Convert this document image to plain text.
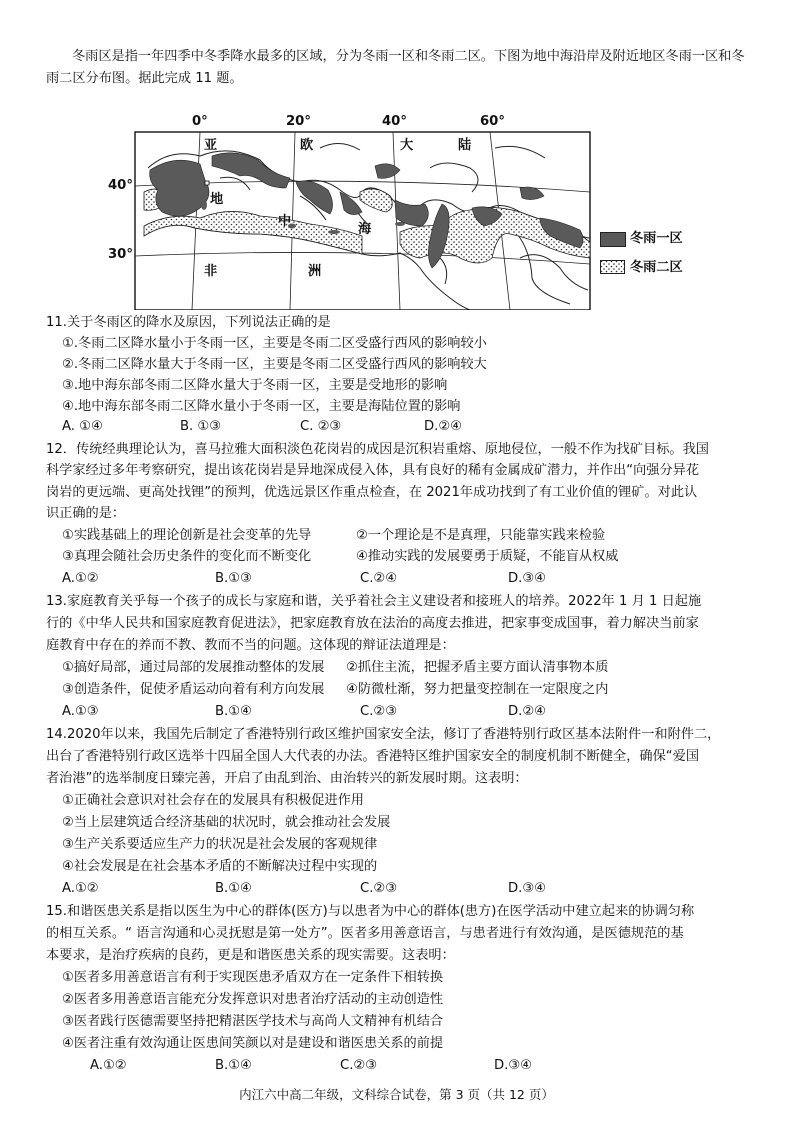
冬雨区是指一年四季中冬季降水最多的区域，分为冬雨一区和冬雨二区。下图为地中海沿岸及附近地区冬雨一区和冬雨二区分布图。据此完成 11 题。
0°	20°	40°	60°
40°
30°
亚	欧	大	陆
地
中
海
非	洲
冬雨一区
冬雨二区
11.关于冬雨区的降水及原因，下列说法正确的是
①.冬雨二区降水量小于冬雨一区，主要是冬雨二区受盛行西风的影响较小
②.冬雨二区降水量大于冬雨一区，主要是冬雨二区受盛行西风的影响较大
③.地中海东部冬雨二区降水量大于冬雨一区，主要是受地形的影响
④.地中海东部冬雨二区降水量小于冬雨一区，主要是海陆位置的影响
A. ①④	B. ①③	C. ②③	D.②④
12．传统经典理论认为，喜马拉雅大面积淡色花岗岩的成因是沉积岩重熔、原地侵位，一般不作为找矿目标。我国
科学家经过多年考察研究，提出该花岗岩是异地深成侵入体，具有良好的稀有金属成矿潜力，并作出“向强分异花
岗岩的更远端、更高处找锂”的预判，优选远景区作重点检查，在 2021年成功找到了有工业价值的锂矿。对此认
识正确的是：
①实践基础上的理论创新是社会变革的先导	②一个理论是不是真理，只能靠实践来检验
③真理会随社会历史条件的变化而不断变化	④推动实践的发展要勇于质疑，不能盲从权威
A.①②	B.①③	C.②④	D.③④
13.家庭教育关乎每一个孩子的成长与家庭和谐，关乎着社会主义建设者和接班人的培养。2022年 1 月 1 日起施
行的《中华人民共和国家庭教育促进法》，把家庭教育放在法治的高度去推进，把家事变成国事，着力解决当前家
庭教育中存在的养而不教、教而不当的问题。这体现的辩证法道理是：
①搞好局部，通过局部的发展推动整体的发展 ②抓住主流，把握矛盾主要方面认清事物本质
③创造条件，促使矛盾运动向着有利方向发展 ④防微杜渐，努力把量变控制在一定限度之内
A.①③	B.①④	C.②③	D.②④
14.2020年以来，我国先后制定了香港特别行政区维护国家安全法，修订了香港特别行政区基本法附件一和附件二，
出台了香港特别行政区选举十四届全国人大代表的办法。香港特区维护国家安全的制度机制不断健全，确保“爱国
者治港”的选举制度日臻完善，开启了由乱到治、由治转兴的新发展时期。这表明：
①正确社会意识对社会存在的发展具有积极促进作用
②当上层建筑适合经济基础的状况时，就会推动社会发展
③生产关系要适应生产力的状况是社会发展的客观规律
④社会发展是在社会基本矛盾的不断解决过程中实现的
A.①②	B.①④	C.②③	D.③④
15.和谐医患关系是指以医生为中心的群体(医方)与以患者为中心的群体(患方)在医学活动中建立起来的协调匀称
的相互关系。“ 语言沟通和心灵抚慰是第一处方”。医者多用善意语言，与患者进行有效沟通，是医德规范的基
本要求，是治疗疾病的良药，更是和谐医患关系的现实需要。这表明：
①医者多用善意语言有利于实现医患矛盾双方在一定条件下相转换
②医者多用善意语言能充分发挥意识对患者治疗活动的主动创造性
③医者践行医德需要坚持把精湛医学技术与高尚人文精神有机结合
④医者注重有效沟通让医患间笑颜以对是建设和谐医患关系的前提
A.①②	B.①④	C.②③	D.③④
内江六中高二年级，文科综合试卷，第 3 页（共 12 页）
